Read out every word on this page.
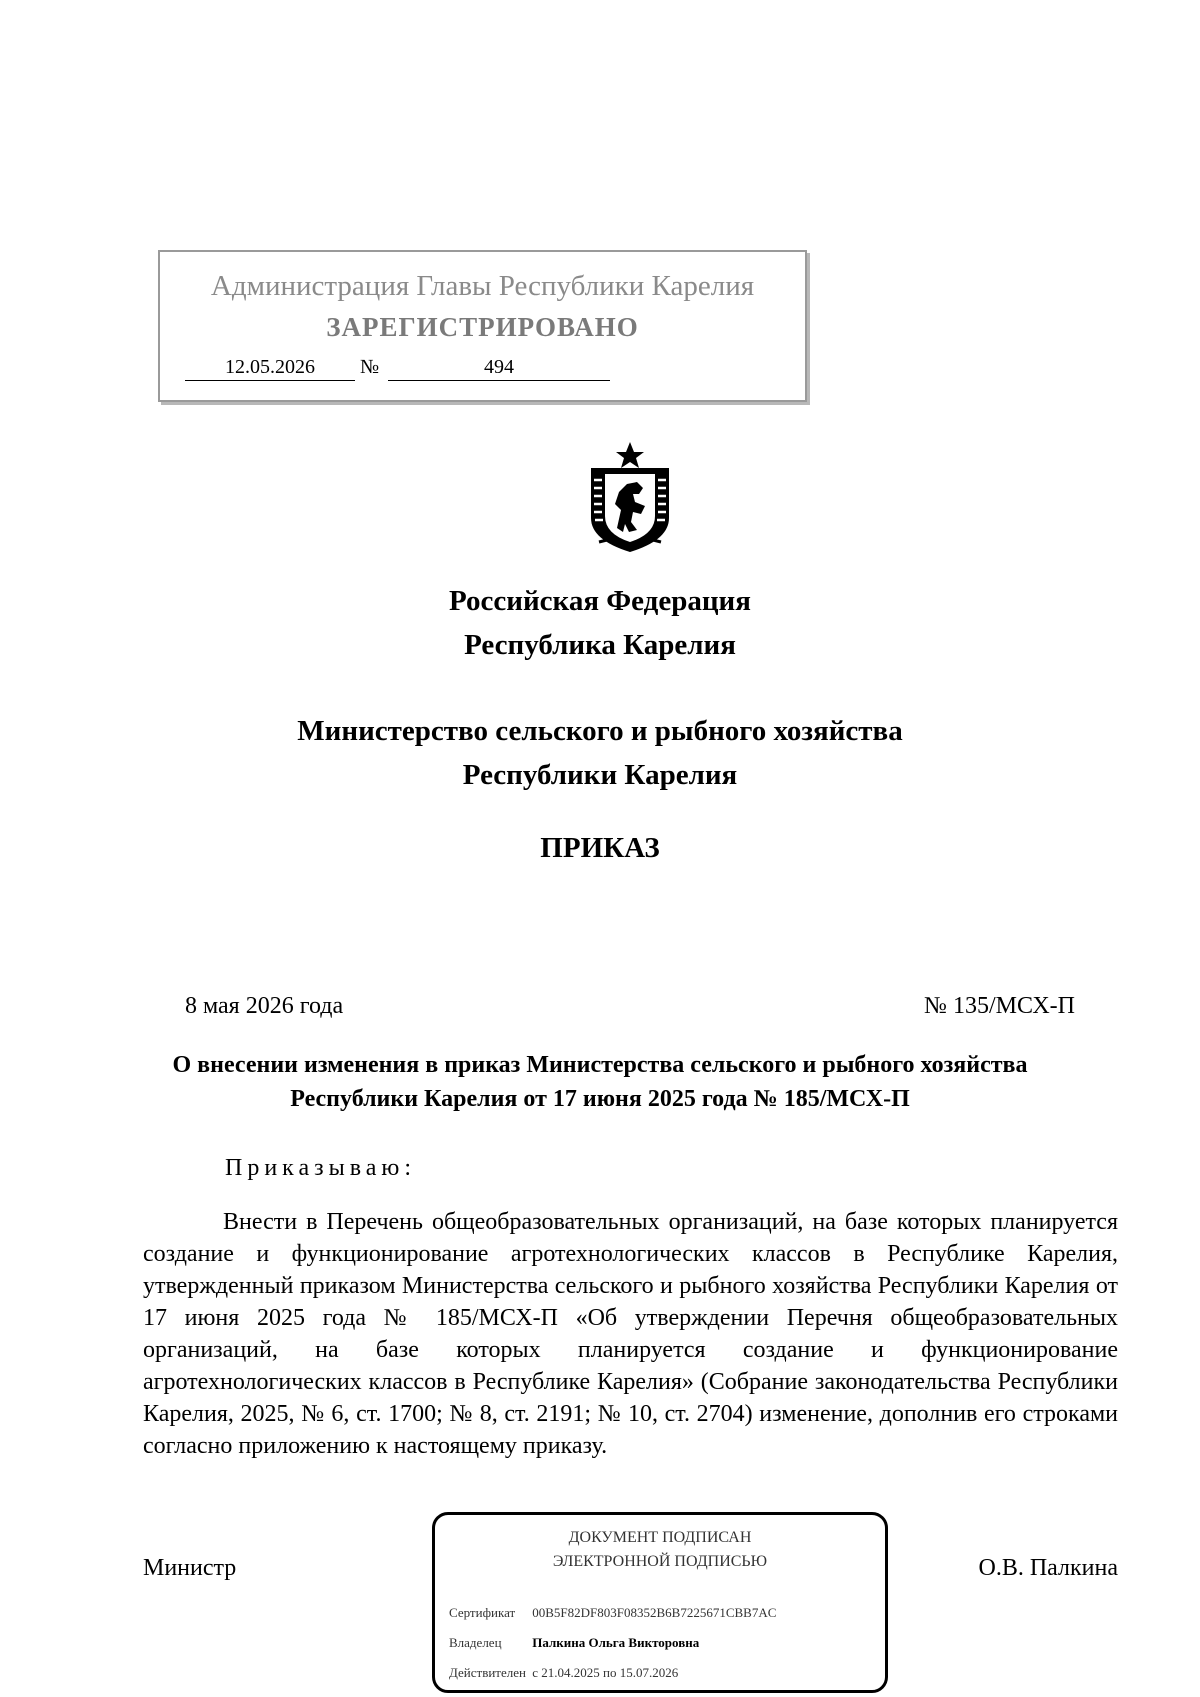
Администрация Главы Республики Карелия
ЗАРЕГИСТРИРОВАНО
12.05.2026	№	494
Российская Федерация
Республика Карелия
Министерство сельского и рыбного хозяйства
Республики Карелия
ПРИКАЗ
8 мая 2026 года	№ 135/МСХ-П
О внесении изменения в приказ Министерства сельского и рыбного хозяйства Республики Карелия от 17 июня 2025 года № 185/МСХ-П
Приказываю:

Внести в Перечень общеобразовательных организаций, на базе которых планируется создание и функционирование агротехнологических классов в Республике Карелия, утвержденный приказом Министерства сельского и рыбного хозяйства Республики Карелия от 17 июня 2025 года № 185/МСХ-П «Об утверждении Перечня общеобразовательных организаций, на базе которых планируется создание и функционирование агротехнологических классов в Республике Карелия» (Собрание законодательства Республики Карелия, 2025, № 6, ст. 1700; № 8, ст. 2191; № 10, ст. 2704) изменение, дополнив его строками согласно приложению к настоящему приказу.

Министр	О.В. Палкина
ДОКУМЕНТ ПОДПИСАН
ЭЛЕКТРОННОЙ ПОДПИСЬЮ
Сертификат 00B5F82DF803F08352B6B7225671CBB7AC
Владелец Палкина Ольга Викторовна
Действителен с 21.04.2025 по 15.07.2026
